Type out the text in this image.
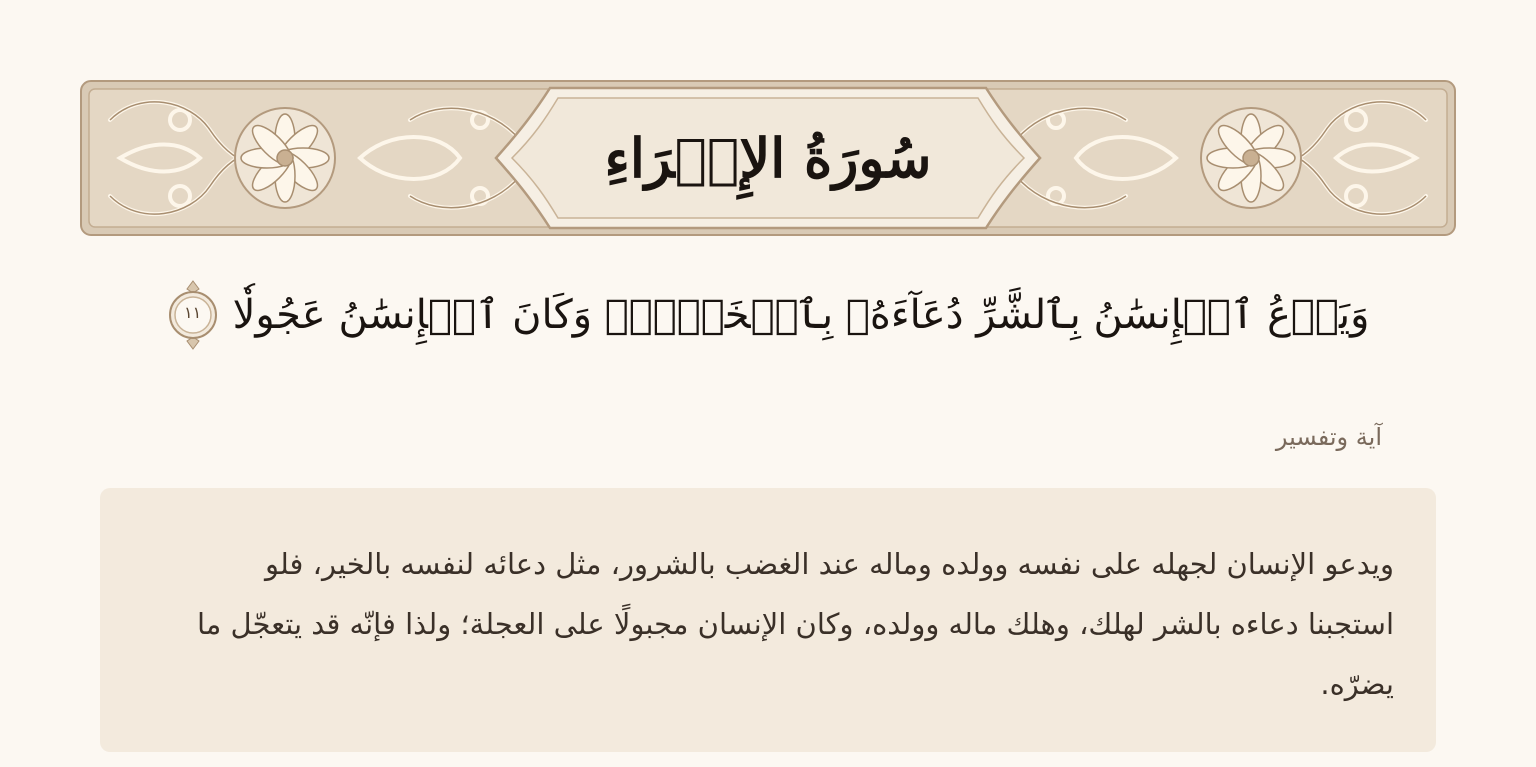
سُورَةُ الإِسۡرَاءِ
وَيَدۡعُ ٱلۡإِنسَٰنُ بِٱلشَّرِّ دُعَآءَهُۥ بِٱلۡخَيۡرِۖ وَكَانَ ٱلۡإِنسَٰنُ عَجُولٗا
١١
آية وتفسير

ويدعو الإنسان لجهله على نفسه وولده وماله عند الغضب بالشرور، مثل دعائه لنفسه بالخير، فلو استجبنا دعاءه بالشر لهلك، وهلك ماله وولده، وكان الإنسان مجبولًا على العجلة؛ ولذا فإنّه قد يتعجّل ما يضرّه.
